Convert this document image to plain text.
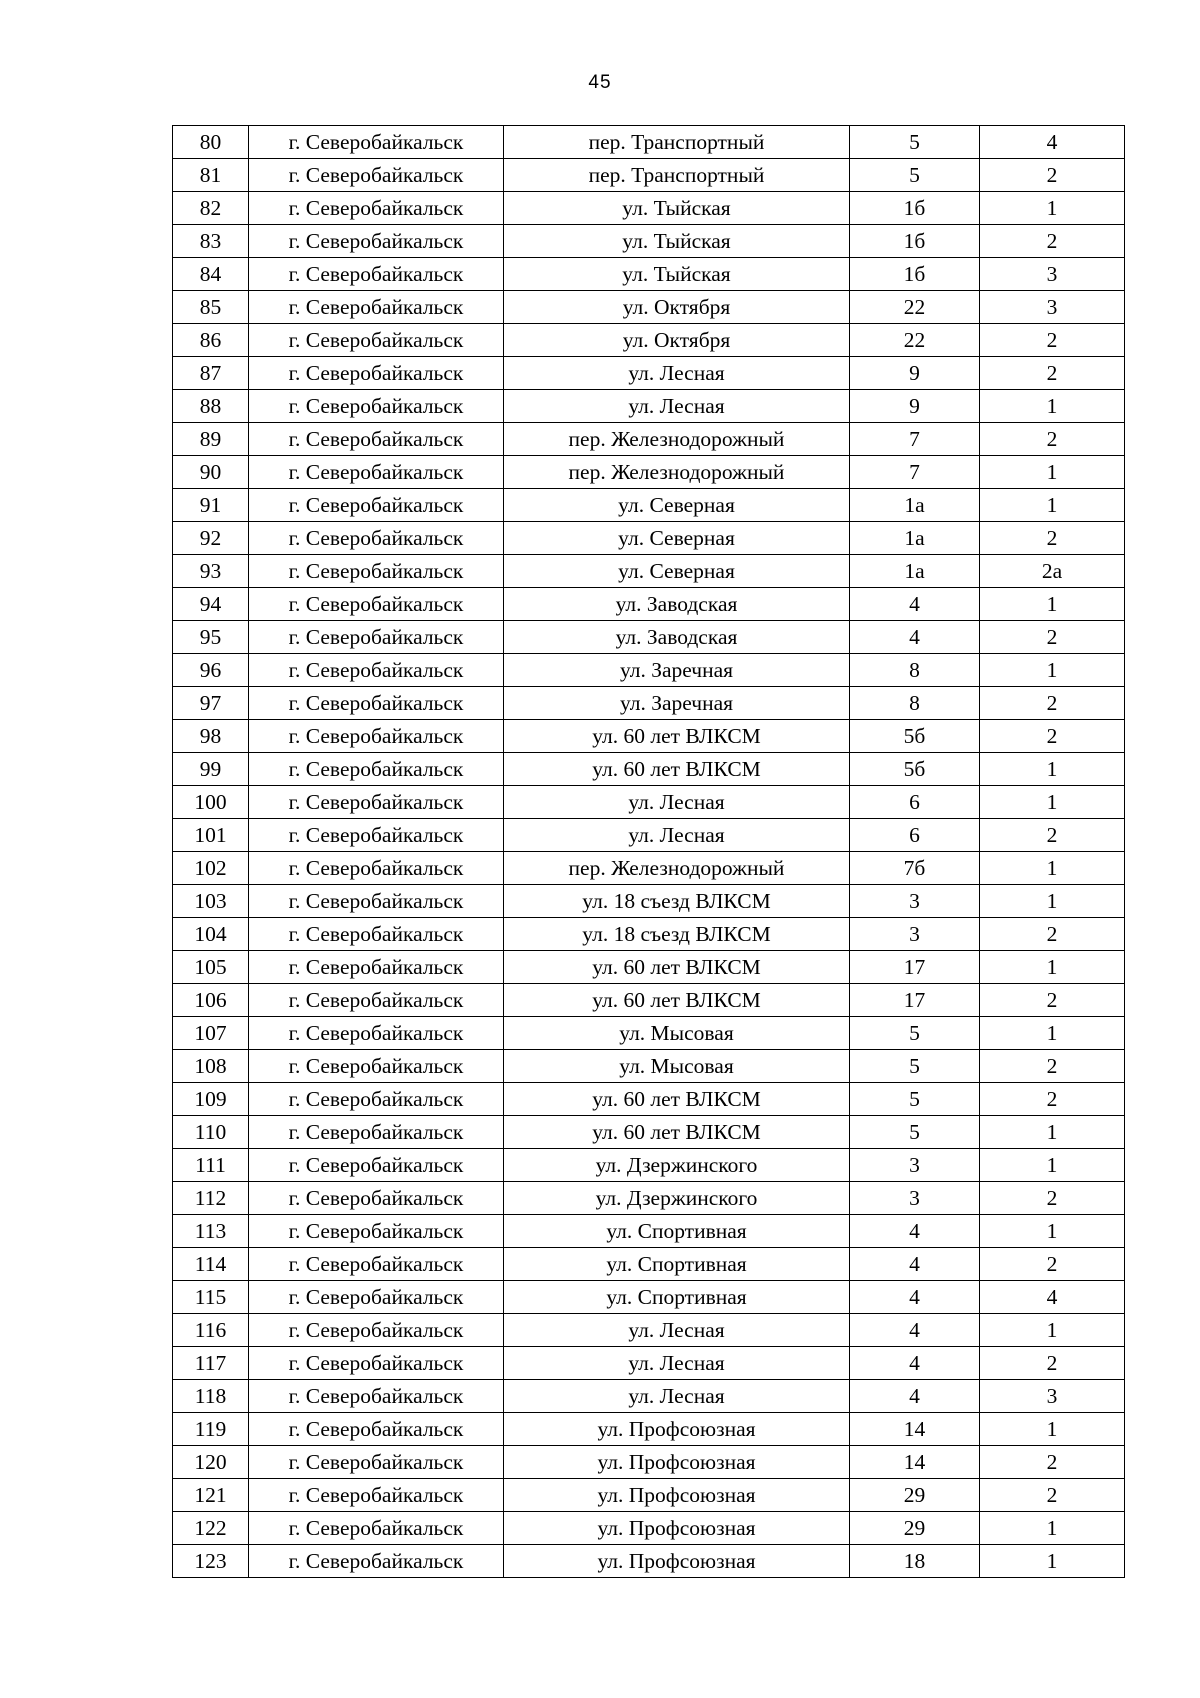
45
80	г. Северобайкальск	пер. Транспортный	5	4
81	г. Северобайкальск	пер. Транспортный	5	2
82	г. Северобайкальск	ул. Тыйская	1б	1
83	г. Северобайкальск	ул. Тыйская	1б	2
84	г. Северобайкальск	ул. Тыйская	1б	3
85	г. Северобайкальск	ул. Октября	22	3
86	г. Северобайкальск	ул. Октября	22	2
87	г. Северобайкальск	ул. Лесная	9	2
88	г. Северобайкальск	ул. Лесная	9	1
89	г. Северобайкальск	пер. Железнодорожный	7	2
90	г. Северобайкальск	пер. Железнодорожный	7	1
91	г. Северобайкальск	ул. Северная	1а	1
92	г. Северобайкальск	ул. Северная	1а	2
93	г. Северобайкальск	ул. Северная	1а	2а
94	г. Северобайкальск	ул. Заводская	4	1
95	г. Северобайкальск	ул. Заводская	4	2
96	г. Северобайкальск	ул. Заречная	8	1
97	г. Северобайкальск	ул. Заречная	8	2
98	г. Северобайкальск	ул. 60 лет ВЛКСМ	5б	2
99	г. Северобайкальск	ул. 60 лет ВЛКСМ	5б	1
100	г. Северобайкальск	ул. Лесная	6	1
101	г. Северобайкальск	ул. Лесная	6	2
102	г. Северобайкальск	пер. Железнодорожный	7б	1
103	г. Северобайкальск	ул. 18 съезд ВЛКСМ	3	1
104	г. Северобайкальск	ул. 18 съезд ВЛКСМ	3	2
105	г. Северобайкальск	ул. 60 лет ВЛКСМ	17	1
106	г. Северобайкальск	ул. 60 лет ВЛКСМ	17	2
107	г. Северобайкальск	ул. Мысовая	5	1
108	г. Северобайкальск	ул. Мысовая	5	2
109	г. Северобайкальск	ул. 60 лет ВЛКСМ	5	2
110	г. Северобайкальск	ул. 60 лет ВЛКСМ	5	1
111	г. Северобайкальск	ул. Дзержинского	3	1
112	г. Северобайкальск	ул. Дзержинского	3	2
113	г. Северобайкальск	ул. Спортивная	4	1
114	г. Северобайкальск	ул. Спортивная	4	2
115	г. Северобайкальск	ул. Спортивная	4	4
116	г. Северобайкальск	ул. Лесная	4	1
117	г. Северобайкальск	ул. Лесная	4	2
118	г. Северобайкальск	ул. Лесная	4	3
119	г. Северобайкальск	ул. Профсоюзная	14	1
120	г. Северобайкальск	ул. Профсоюзная	14	2
121	г. Северобайкальск	ул. Профсоюзная	29	2
122	г. Северобайкальск	ул. Профсоюзная	29	1
123	г. Северобайкальск	ул. Профсоюзная	18	1
